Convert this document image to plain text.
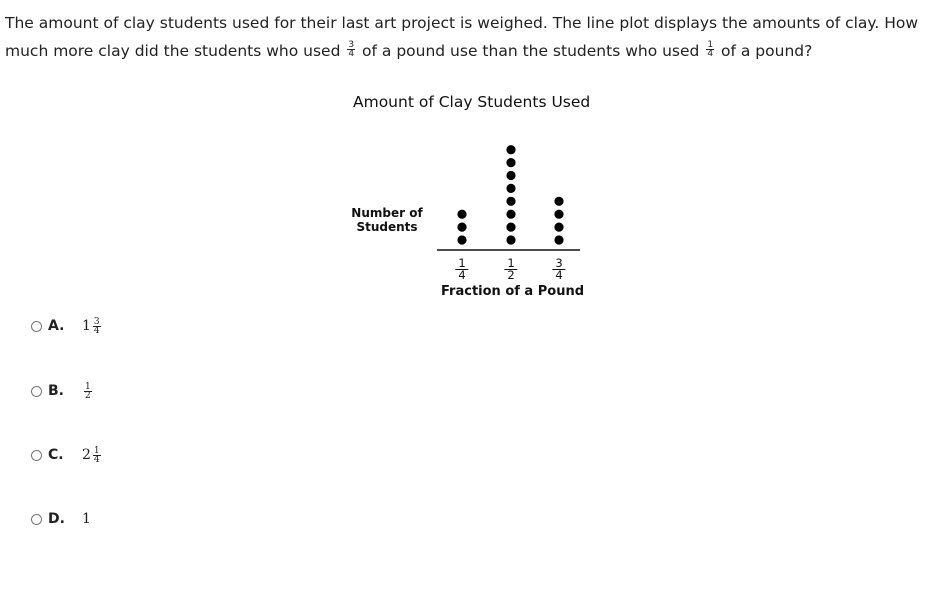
The amount of clay students used for their last art project is weighed. The line plot displays the amounts of clay. How much more clay did the students who used $\frac{3}{4}$ of a pound use than the students who used $\frac{1}{4}$ of a pound?
Amount of Clay Students Used
Number of Students
Fraction of a Pound
$\frac{1}{4}$	$\frac{1}{2}$	$\frac{3}{4}$
A.	$1 \frac{3}{4}$
B.	$\frac{1}{2}$
C.	$2 \frac{1}{4}$
D.	1
